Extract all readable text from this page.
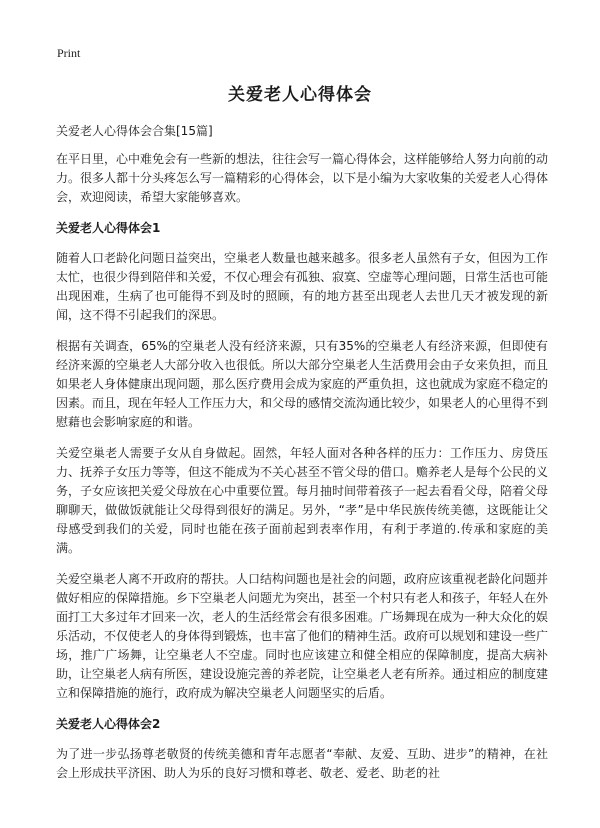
Print
关爱老人心得体会

关爱老人心得体会合集[15篇]

在平日里，心中难免会有一些新的想法，往往会写一篇心得体会，这样能够给人努力向前的动力。很多人都十分头疼怎么写一篇精彩的心得体会，以下是小编为大家收集的关爱老人心得体会，欢迎阅读，希望大家能够喜欢。

关爱老人心得体会1

随着人口老龄化问题日益突出，空巢老人数量也越来越多。很多老人虽然有子女，但因为工作太忙，也很少得到陪伴和关爱，不仅心理会有孤独、寂寞、空虚等心理问题，日常生活也可能出现困难，生病了也可能得不到及时的照顾，有的地方甚至出现老人去世几天才被发现的新闻，这不得不引起我们的深思。

根据有关调查，65%的空巢老人没有经济来源，只有35%的空巢老人有经济来源，但即使有经济来源的空巢老人大部分收入也很低。所以大部分空巢老人生活费用会由子女来负担，而且如果老人身体健康出现问题，那么医疗费用会成为家庭的严重负担，这也就成为家庭不稳定的因素。而且，现在年轻人工作压力大，和父母的感情交流沟通比较少，如果老人的心里得不到慰藉也会影响家庭的和谐。

关爱空巢老人需要子女从自身做起。固然，年轻人面对各种各样的压力：工作压力、房贷压力、抚养子女压力等等，但这不能成为不关心甚至不管父母的借口。赡养老人是每个公民的义务，子女应该把关爱父母放在心中重要位置。每月抽时间带着孩子一起去看看父母，陪着父母聊聊天，做做饭就能让父母得到很好的满足。另外，“孝”是中华民族传统美德，这既能让父母感受到我们的关爱，同时也能在孩子面前起到表率作用，有利于孝道的.传承和家庭的美满。

关爱空巢老人离不开政府的帮扶。人口结构问题也是社会的问题，政府应该重视老龄化问题并做好相应的保障措施。乡下空巢老人问题尤为突出，甚至一个村只有老人和孩子，年轻人在外面打工大多过年才回来一次，老人的生活经常会有很多困难。广场舞现在成为一种大众化的娱乐活动，不仅使老人的身体得到锻炼，也丰富了他们的精神生活。政府可以规划和建设一些广场，推广广场舞，让空巢老人不空虚。同时也应该建立和健全相应的保障制度，提高大病补助，让空巢老人病有所医，建设设施完善的养老院，让空巢老人老有所养。通过相应的制度建立和保障措施的施行，政府成为解决空巢老人问题坚实的后盾。

关爱老人心得体会2

为了进一步弘扬尊老敬贤的传统美德和青年志愿者“奉献、友爱、互助、进步”的精神，在社会上形成扶平济困、助人为乐的良好习惯和尊老、敬老、爱老、助老的社
